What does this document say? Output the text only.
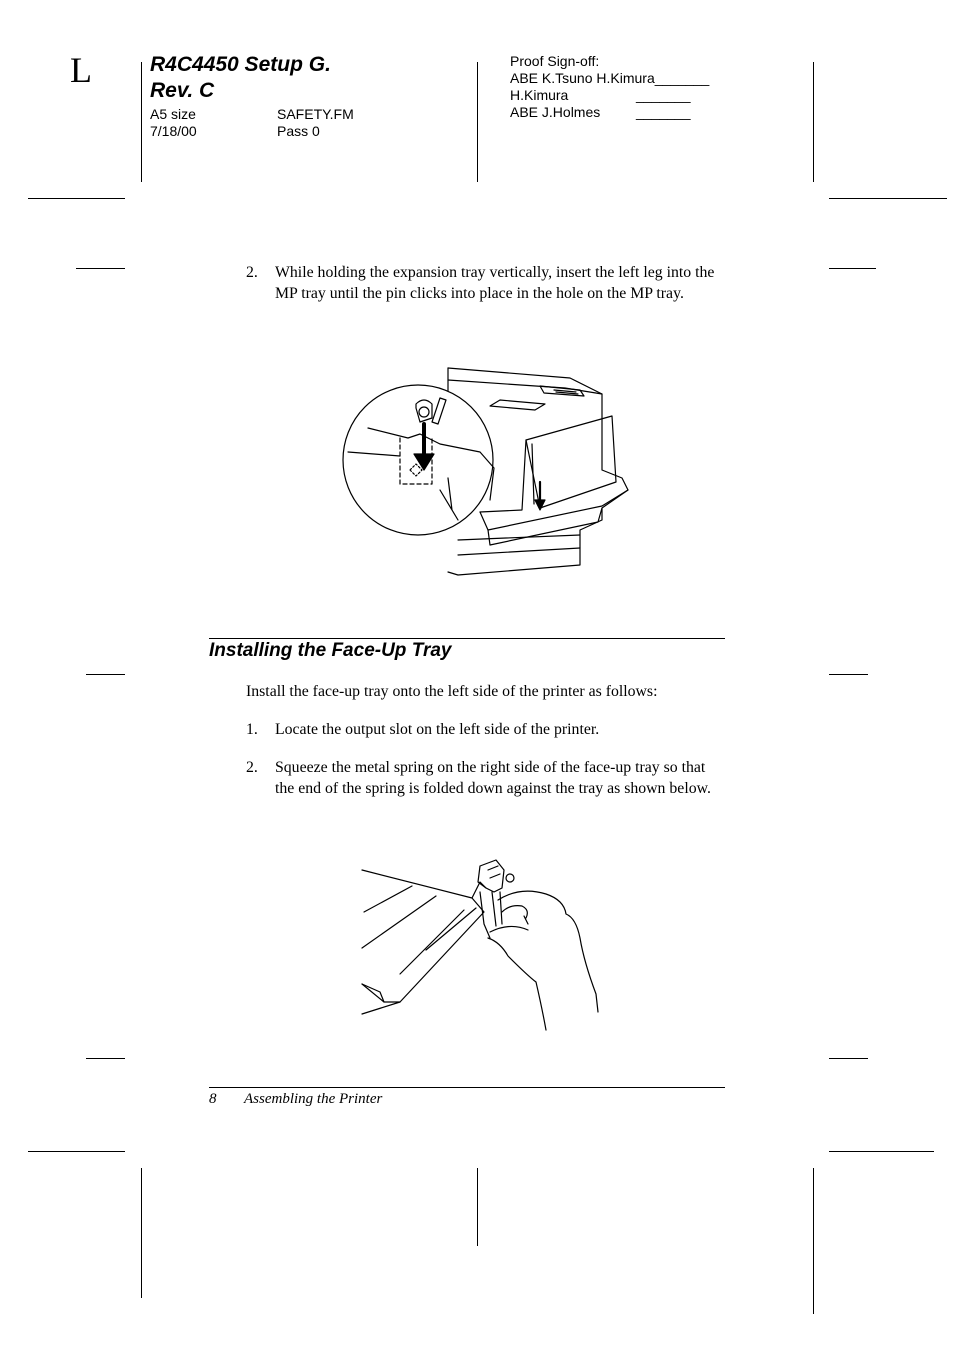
L	R4C4450 Setup G.
Rev. C
A5 size	SAFETY.FM
7/18/00	Pass 0
Proof Sign-off:
ABE K.Tsuno H.Kimura_______
H.Kimura	_______
ABE J.Holmes	_______
2. While holding the expansion tray vertically, insert the left leg into the MP tray until the pin clicks into place in the hole on the MP tray.
Installing the Face-Up Tray
Install the face-up tray onto the left side of the printer as follows:
1. Locate the output slot on the left side of the printer.
2. Squeeze the metal spring on the right side of the face-up tray so that the end of the spring is folded down against the tray as shown below.
8 Assembling the Printer
